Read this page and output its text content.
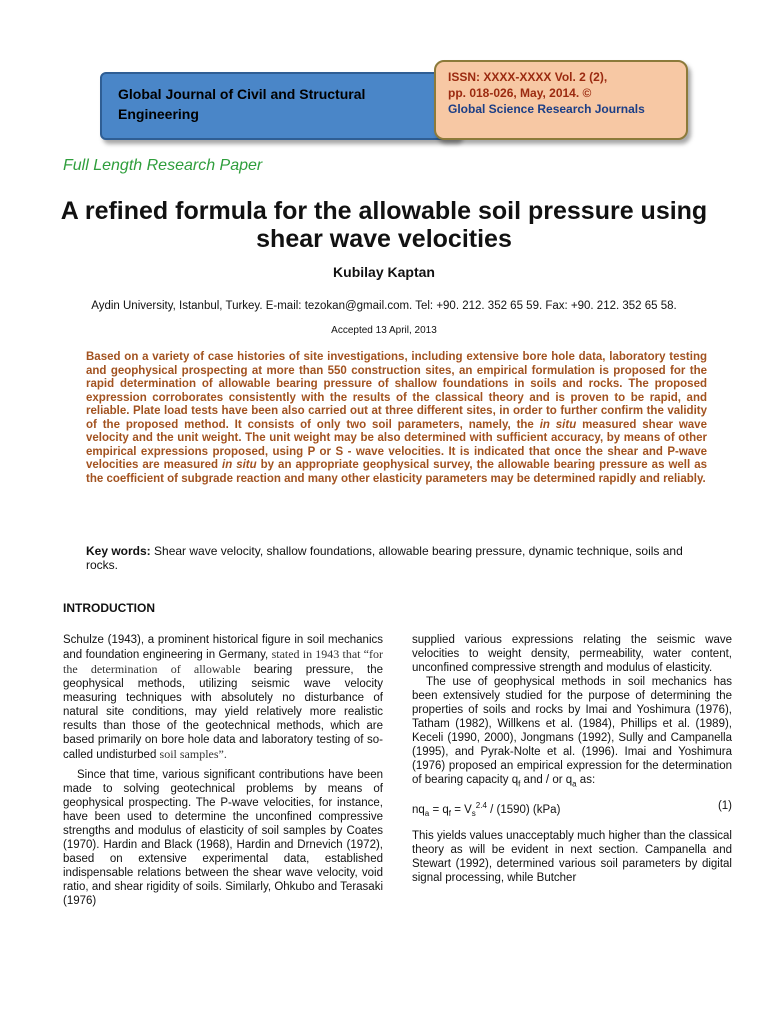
Global Journal of Civil and Structural Engineering
ISSN: XXXX-XXXX Vol. 2 (2),
pp. 018-026, May, 2014. ©
Global Science Research Journals
Full Length Research Paper
A refined formula for the allowable soil pressure using shear wave velocities
Kubilay Kaptan
Aydin University, Istanbul, Turkey. E-mail: tezokan@gmail.com. Tel: +90. 212. 352 65 59. Fax: +90. 212. 352 65 58.
Accepted 13 April, 2013
Based on a variety of case histories of site investigations, including extensive bore hole data, laboratory testing and geophysical prospecting at more than 550 construction sites, an empirical formulation is proposed for the rapid determination of allowable bearing pressure of shallow foundations in soils and rocks. The proposed expression corroborates consistently with the results of the classical theory and is proven to be rapid, and reliable. Plate load tests have been also carried out at three different sites, in order to further confirm the validity of the proposed method. It consists of only two soil parameters, namely, the in situ measured shear wave velocity and the unit weight. The unit weight may be also determined with sufficient accuracy, by means of other empirical expressions proposed, using P or S - wave velocities. It is indicated that once the shear and P-wave velocities are measured in situ by an appropriate geophysical survey, the allowable bearing pressure as well as the coefficient of subgrade reaction and many other elasticity parameters may be determined rapidly and reliably.
Key words: Shear wave velocity, shallow foundations, allowable bearing pressure, dynamic technique, soils and rocks.
INTRODUCTION

Schulze (1943), a prominent historical figure in soil mechanics and foundation engineering in Germany, stated in 1943 that “for the determination of allowable bearing pressure, the geophysical methods, utilizing seismic wave velocity measuring techniques with absolutely no disturbance of natural site conditions, may yield relatively more realistic results than those of the geotechnical methods, which are based primarily on bore hole data and laboratory testing of so-called undisturbed soil samples”.

Since that time, various significant contributions have been made to solving geotechnical problems by means of geophysical prospecting. The P-wave velocities, for instance, have been used to determine the unconfined compressive strengths and modulus of elasticity of soil samples by Coates (1970). Hardin and Black (1968), Hardin and Drnevich (1972), based on extensive experimental data, established indispensable relations between the shear wave velocity, void ratio, and shear rigidity of soils. Similarly, Ohkubo and Terasaki (1976)

supplied various expressions relating the seismic wave velocities to weight density, permeability, water content, unconfined compressive strength and modulus of elasticity.

The use of geophysical methods in soil mechanics has been extensively studied for the purpose of determining the properties of soils and rocks by Imai and Yoshimura (1976), Tatham (1982), Willkens et al. (1984), Phillips et al. (1989), Keceli (1990, 2000), Jongmans (1992), Sully and Campanella (1995), and Pyrak-Nolte et al. (1996). Imai and Yoshimura (1976) proposed an empirical expression for the determination of bearing capacity $q_f$ and / or $q_a$ as:

$nq_a = q_f = V_s^{2.4} / (1590)$ (kPa)	(1)

This yields values unacceptably much higher than the classical theory as will be evident in next section. Campanella and Stewart (1992), determined various soil parameters by digital signal processing, while Butcher
